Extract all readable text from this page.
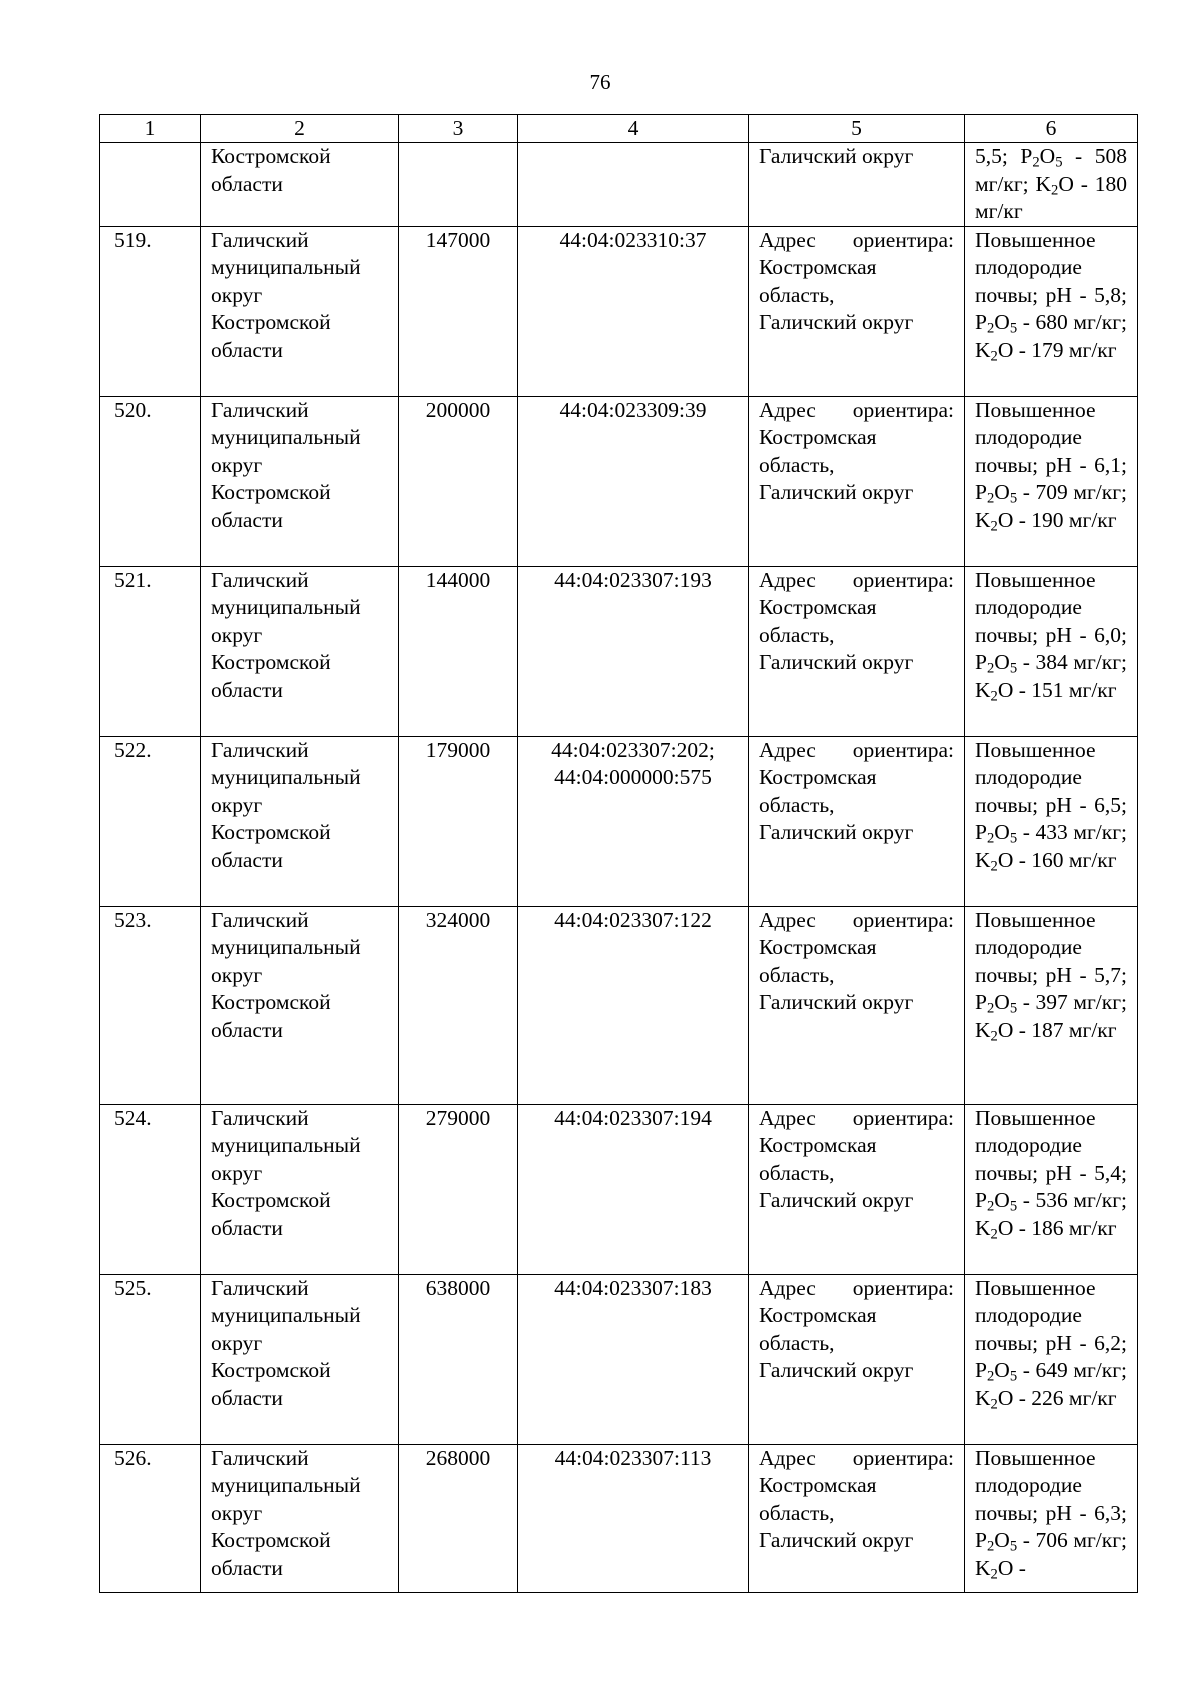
76
1	2	3	4	5	6

	Костромской
области			Галичский округ	5,5; $P_2O_5 - 508$ мг/кг; $K_2O - 180$ мг/кг
519.	Галичский
муниципальный
округ
Костромской
области	147000	44:04:023310:37	Адрес ориентира:
Костромская
область,
Галичский округ	Повышенное плодородие почвы; pH - 5,8; $P_2O_5 - 680$ мг/кг; $K_2O - 179$ мг/кг
520.	Галичский
муниципальный
округ
Костромской
области	200000	44:04:023309:39	Адрес ориентира:
Костромская
область,
Галичский округ	Повышенное плодородие почвы; pH - 6,1; $P_2O_5 - 709$ мг/кг; $K_2O - 190$ мг/кг
521.	Галичский
муниципальный
округ
Костромской
области	144000	44:04:023307:193	Адрес ориентира:
Костромская
область,
Галичский округ	Повышенное плодородие почвы; pH - 6,0; $P_2O_5 - 384$ мг/кг; $K_2O - 151$ мг/кг
522.	Галичский
муниципальный
округ
Костромской
области	179000	44:04:023307:202;
44:04:000000:575	Адрес ориентира:
Костромская
область,
Галичский округ	Повышенное плодородие почвы; pH - 6,5; $P_2O_5 - 433$ мг/кг; $K_2O - 160$ мг/кг
523.	Галичский
муниципальный
округ
Костромской
области	324000	44:04:023307:122	Адрес ориентира:
Костромская
область,
Галичский округ	Повышенное плодородие почвы; pH - 5,7; $P_2O_5 - 397$ мг/кг; $K_2O - 187$ мг/кг
524.	Галичский
муниципальный
округ
Костромской
области	279000	44:04:023307:194	Адрес ориентира:
Костромская
область,
Галичский округ	Повышенное плодородие почвы; pH - 5,4; $P_2O_5 - 536$ мг/кг; $K_2O - 186$ мг/кг
525.	Галичский
муниципальный
округ
Костромской
области	638000	44:04:023307:183	Адрес ориентира:
Костромская
область,
Галичский округ	Повышенное плодородие почвы; pH - 6,2; $P_2O_5 - 649$ мг/кг; $K_2O - 226$ мг/кг
526.	Галичский
муниципальный
округ
Костромской
области	268000	44:04:023307:113	Адрес ориентира:
Костромская
область,
Галичский округ	Повышенное плодородие почвы; pH - 6,3; $P_2O_5 - 706$ мг/кг; $K_2O$ -
